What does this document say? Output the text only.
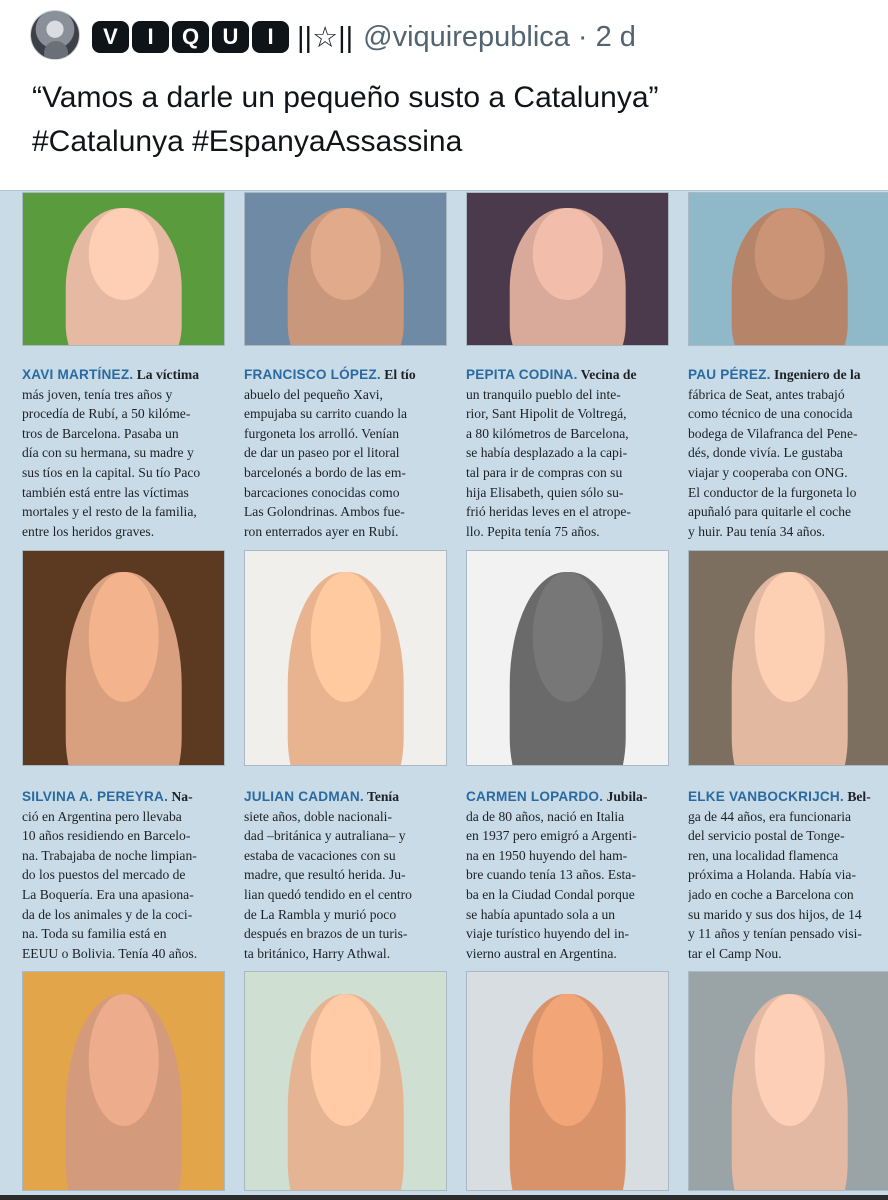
V	I	Q	U	I ||☆|| @viquirepublica · 2 d
“Vamos a darle un pequeño susto a Catalunya”
#Catalunya #EspanyaAssassina
XAVI MARTÍNEZ. La víctima
más joven, tenía tres años y
procedía de Rubí, a 50 kilóme-
tros de Barcelona. Pasaba un
día con su hermana, su madre y
sus tíos en la capital. Su tío Paco
también está entre las víctimas
mortales y el resto de la familia,
entre los heridos graves.
FRANCISCO LÓPEZ. El tío
abuelo del pequeño Xavi,
empujaba su carrito cuando la
furgoneta los arrolló. Venían
de dar un paseo por el litoral
barcelonés a bordo de las em-
barcaciones conocidas como
Las Golondrinas. Ambos fue-
ron enterrados ayer en Rubí.
PEPITA CODINA. Vecina de
un tranquilo pueblo del inte-
rior, Sant Hipolit de Voltregá,
a 80 kilómetros de Barcelona,
se había desplazado a la capi-
tal para ir de compras con su
hija Elisabeth, quien sólo su-
frió heridas leves en el atrope-
llo. Pepita tenía 75 años.
PAU PÉREZ. Ingeniero de la
fábrica de Seat, antes trabajó
como técnico de una conocida
bodega de Vilafranca del Pene-
dés, donde vivía. Le gustaba
viajar y cooperaba con ONG.
El conductor de la furgoneta lo
apuñaló para quitarle el coche
y huir. Pau tenía 34 años.
SILVINA A. PEREYRA. Na-
ció en Argentina pero llevaba
10 años residiendo en Barcelo-
na. Trabajaba de noche limpian-
do los puestos del mercado de
La Boquería. Era una apasiona-
da de los animales y de la coci-
na. Toda su familia está en
EEUU o Bolivia. Tenía 40 años.
JULIAN CADMAN. Tenía
siete años, doble nacionali-
dad –británica y autraliana– y
estaba de vacaciones con su
madre, que resultó herida. Ju-
lian quedó tendido en el centro
de La Rambla y murió poco
después en brazos de un turis-
ta británico, Harry Athwal.
CARMEN LOPARDO. Jubila-
da de 80 años, nació en Italia
en 1937 pero emigró a Argenti-
na en 1950 huyendo del ham-
bre cuando tenía 13 años. Esta-
ba en la Ciudad Condal porque
se había apuntado sola a un
viaje turístico huyendo del in-
vierno austral en Argentina.
ELKE VANBOCKRIJCH. Bel-
ga de 44 años, era funcionaria
del servicio postal de Tonge-
ren, una localidad flamenca
próxima a Holanda. Había via-
jado en coche a Barcelona con
su marido y sus dos hijos, de 14
y 11 años y tenían pensado visi-
tar el Camp Nou.
